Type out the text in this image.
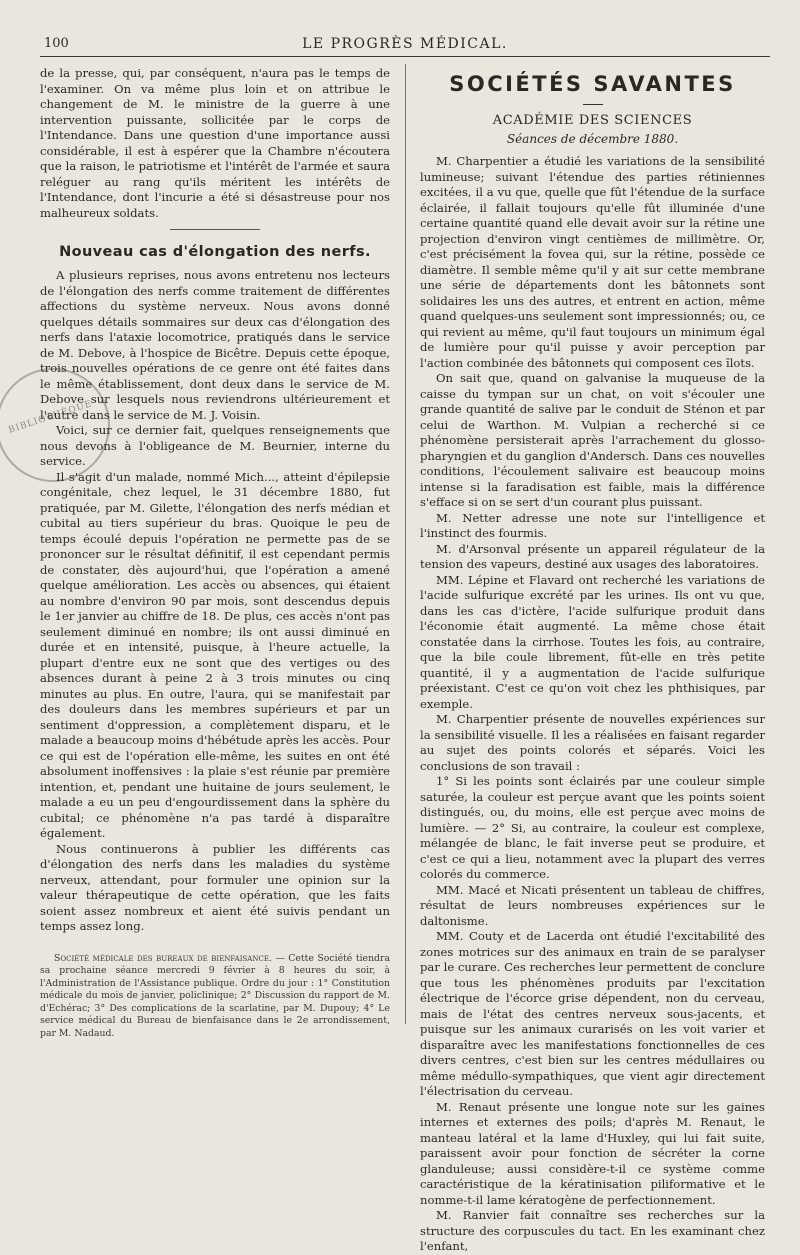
100	LE PROGRÈS MÉDICAL.

de la presse, qui, par conséquent, n'aura pas le temps de l'examiner. On va même plus loin et on attribue le changement de M. le ministre de la guerre à une intervention puissante, sollicitée par le corps de l'Intendance. Dans une question d'une importance aussi considérable, il est à espérer que la Chambre n'écoutera que la raison, le patriotisme et l'intérêt de l'armée et saura reléguer au rang qu'ils méritent les intérêts de l'Intendance, dont l'incurie a été si désastreuse pour nos malheureux soldats.

Nouveau cas d'élongation des nerfs.

A plusieurs reprises, nous avons entretenu nos lecteurs de l'élongation des nerfs comme traitement de différentes affections du système nerveux. Nous avons donné quelques détails sommaires sur deux cas d'élongation des nerfs dans l'ataxie locomotrice, pratiqués dans le service de M. Debove, à l'hospice de Bicêtre. Depuis cette époque, trois nouvelles opérations de ce genre ont été faites dans le même établissement, dont deux dans le service de M. Debove sur lesquels nous reviendrons ultérieurement et l'autre dans le service de M. J. Voisin.

Voici, sur ce dernier fait, quelques renseignements que nous devons à l'obligeance de M. Beurnier, interne du service.

Il s'agit d'un malade, nommé Mich..., atteint d'épilepsie congénitale, chez lequel, le 31 décembre 1880, fut pratiquée, par M. Gilette, l'élongation des nerfs médian et cubital au tiers supérieur du bras. Quoique le peu de temps écoulé depuis l'opération ne permette pas de se prononcer sur le résultat définitif, il est cependant permis de constater, dès aujourd'hui, que l'opération a amené quelque amélioration. Les accès ou absences, qui étaient au nombre d'environ 90 par mois, sont descendus depuis le 1er janvier au chiffre de 18. De plus, ces accès n'ont pas seulement diminué en nombre; ils ont aussi diminué en durée et en intensité, puisque, à l'heure actuelle, la plupart d'entre eux ne sont que des vertiges ou des absences durant à peine 2 à 3 trois minutes ou cinq minutes au plus. En outre, l'aura, qui se manifestait par des douleurs dans les membres supérieurs et par un sentiment d'oppression, a complètement disparu, et le malade a beaucoup moins d'hébétude après les accès. Pour ce qui est de l'opération elle-même, les suites en ont été absolument inoffensives : la plaie s'est réunie par première intention, et, pendant une huitaine de jours seulement, le malade a eu un peu d'engourdissement dans la sphère du cubital; ce phénomène n'a pas tardé à disparaître également.

Nous continuerons à publier les différents cas d'élongation des nerfs dans les maladies du système nerveux, attendant, pour formuler une opinion sur la valeur thérapeutique de cette opération, que les faits soient assez nombreux et aient été suivis pendant un temps assez long.

Société médicale des bureaux de bienfaisance. — Cette Société tiendra sa prochaine séance mercredi 9 février à 8 heures du soir, à l'Administration de l'Assistance publique. Ordre du jour : 1° Constitution médicale du mois de janvier, policlinique; 2° Discussion du rapport de M. d'Echérac; 3° Des complications de la scarlatine, par M. Dupouy; 4° Le service médical du Bureau de bienfaisance dans le 2e arrondissement, par M. Nadaud.
BIBLIOTHÈQUE
SOCIÉTÉS SAVANTES
ACADÉMIE DES SCIENCES
Séances de décembre 1880.

M. Charpentier a étudié les variations de la sensibilité lumineuse; suivant l'étendue des parties rétiniennes excitées, il a vu que, quelle que fût l'étendue de la surface éclairée, il fallait toujours qu'elle fût illuminée d'une certaine quantité quand elle devait avoir sur la rétine une projection d'environ vingt centièmes de millimètre. Or, c'est précisément la fovea qui, sur la rétine, possède ce diamètre. Il semble même qu'il y ait sur cette membrane une série de départements dont les bâtonnets sont solidaires les uns des autres, et entrent en action, même quand quelques-uns seulement sont impressionnés; ou, ce qui revient au même, qu'il faut toujours un minimum égal de lumière pour qu'il puisse y avoir perception par l'action combinée des bâtonnets qui composent ces îlots.

On sait que, quand on galvanise la muqueuse de la caisse du tympan sur un chat, on voit s'écouler une grande quantité de salive par le conduit de Sténon et par celui de Warthon. M. Vulpian a recherché si ce phénomène persisterait après l'arrachement du glosso-pharyngien et du ganglion d'Andersch. Dans ces nouvelles conditions, l'écoulement salivaire est beaucoup moins intense si la faradisation est faible, mais la différence s'efface si on se sert d'un courant plus puissant.

M. Netter adresse une note sur l'intelligence et l'instinct des fourmis.

M. d'Arsonval présente un appareil régulateur de la tension des vapeurs, destiné aux usages des laboratoires.

MM. Lépine et Flavard ont recherché les variations de l'acide sulfurique excrété par les urines. Ils ont vu que, dans les cas d'ictère, l'acide sulfurique produit dans l'économie était augmenté. La même chose était constatée dans la cirrhose. Toutes les fois, au contraire, que la bile coule librement, fût-elle en très petite quantité, il y a augmentation de l'acide sulfurique préexistant. C'est ce qu'on voit chez les phthisiques, par exemple.

M. Charpentier présente de nouvelles expériences sur la sensibilité visuelle. Il les a réalisées en faisant regarder au sujet des points colorés et séparés. Voici les conclusions de son travail :

1° Si les points sont éclairés par une couleur simple saturée, la couleur est perçue avant que les points soient distingués, ou, du moins, elle est perçue avec moins de lumière. — 2° Si, au contraire, la couleur est complexe, mélangée de blanc, le fait inverse peut se produire, et c'est ce qui a lieu, notamment avec la plupart des verres colorés du commerce.

MM. Macé et Nicati présentent un tableau de chiffres, résultat de leurs nombreuses expériences sur le daltonisme.

MM. Couty et de Lacerda ont étudié l'excitabilité des zones motrices sur des animaux en train de se paralyser par le curare. Ces recherches leur permettent de conclure que tous les phénomènes produits par l'excitation électrique de l'écorce grise dépendent, non du cerveau, mais de l'état des centres nerveux sous-jacents, et puisque sur les animaux curarisés on les voit varier et disparaître avec les manifestations fonctionnelles de ces divers centres, c'est bien sur les centres médullaires ou même médullo-sympathiques, que vient agir directement l'électrisation du cerveau.

M. Renaut présente une longue note sur les gaines internes et externes des poils; d'après M. Renaut, le manteau latéral et la lame d'Huxley, qui lui fait suite, paraissent avoir pour fonction de sécréter la corne glanduleuse; aussi considère-t-il ce système comme caractéristique de la kératinisation piliformative et le nomme-t-il lame kératogène de perfectionnement.

M. Ranvier fait connaître ses recherches sur la structure des corpuscules du tact. En les examinant chez l'enfant,
